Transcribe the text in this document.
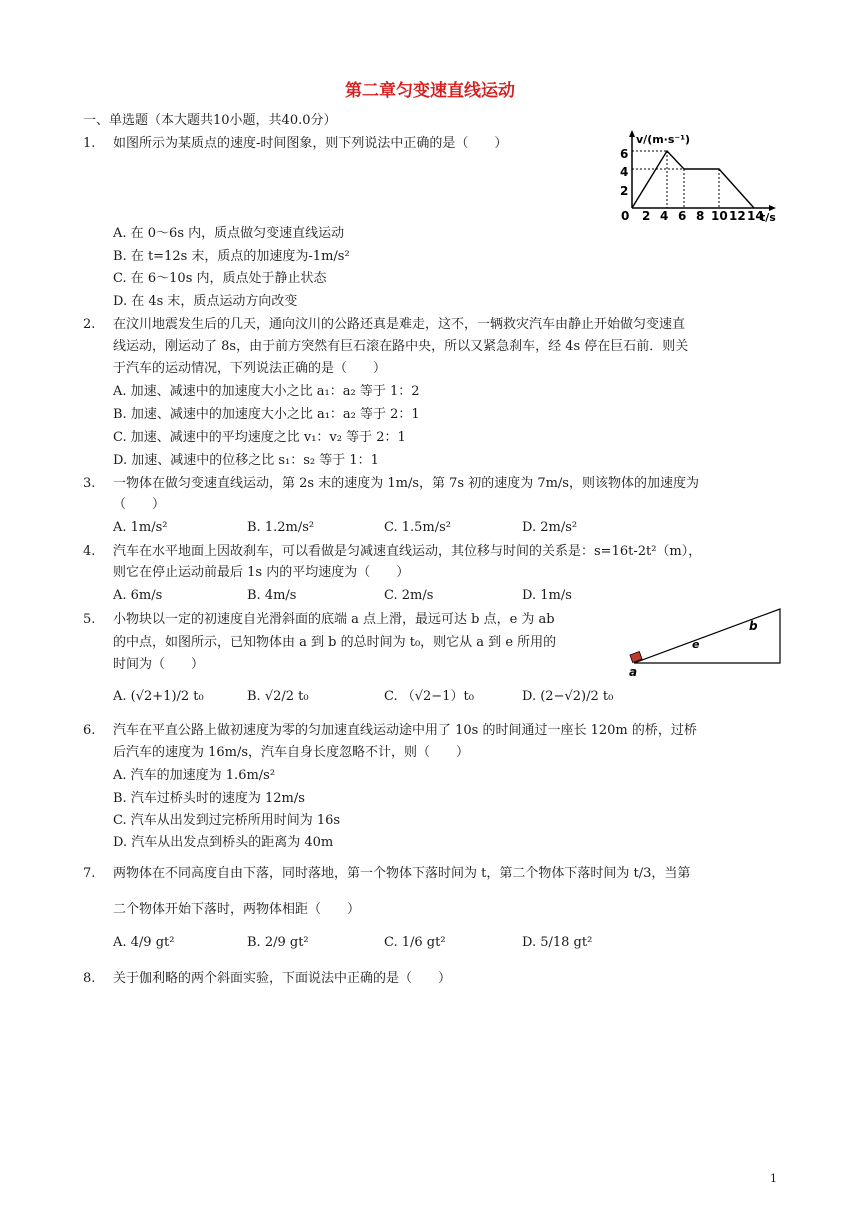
第二章匀变速直线运动
一、单选题（本大题共10小题，共40.0分）
1. 如图所示为某质点的速度-时间图象，则下列说法中正确的是（　　）
A. 在 0～6s 内，质点做匀变速直线运动
B. 在 t=12s 末，质点的加速度为-1m/s²
C. 在 6～10s 内，质点处于静止状态
D. 在 4s 末，质点运动方向改变
v/(m·s⁻¹)
t/s
6
4
2
0 2 4 6 8 10 12 14
2. 在汶川地震发生后的几天，通向汶川的公路还真是难走，这不，一辆救灾汽车由静止开始做匀变速直
线运动，刚运动了 8s，由于前方突然有巨石滚在路中央，所以又紧急刹车，经 4s 停在巨石前．则关
于汽车的运动情况，下列说法正确的是（　　）
A. 加速、减速中的加速度大小之比 a₁：a₂ 等于 1：2
B. 加速、减速中的加速度大小之比 a₁：a₂ 等于 2：1
C. 加速、减速中的平均速度之比 v₁：v₂ 等于 2：1
D. 加速、减速中的位移之比 s₁：s₂ 等于 1：1
3. 一物体在做匀变速直线运动，第 2s 末的速度为 1m/s，第 7s 初的速度为 7m/s，则该物体的加速度为
（　　）
A. 1m/s²	B. 1.2m/s²	C. 1.5m/s²	D. 2m/s²
4. 汽车在水平地面上因故刹车，可以看做是匀减速直线运动，其位移与时间的关系是：s=16t-2t²（m），
则它在停止运动前最后 1s 内的平均速度为（　　）
A. 6m/s	B. 4m/s	C. 2m/s	D. 1m/s
5. 小物块以一定的初速度自光滑斜面的底端 a 点上滑，最远可达 b 点，e 为 ab
的中点，如图所示，已知物体由 a 到 b 的总时间为 t₀，则它从 a 到 e 所用的
时间为（　　）
A. (√2+1)/2 t₀	B. √2/2 t₀	C. （√2−1）t₀	D. (2−√2)/2 t₀
a
e
b
6. 汽车在平直公路上做初速度为零的匀加速直线运动途中用了 10s 的时间通过一座长 120m 的桥，过桥
后汽车的速度为 16m/s，汽车自身长度忽略不计，则（　　）
A. 汽车的加速度为 1.6m/s²
B. 汽车过桥头时的速度为 12m/s
C. 汽车从出发到过完桥所用时间为 16s
D. 汽车从出发点到桥头的距离为 40m
7. 两物体在不同高度自由下落，同时落地，第一个物体下落时间为 t，第二个物体下落时间为 t/3，当第
二个物体开始下落时，两物体相距（　　）
A. 4/9 gt²	B. 2/9 gt²	C. 1/6 gt²	D. 5/18 gt²
8. 关于伽利略的两个斜面实验，下面说法中正确的是（　　）
1
